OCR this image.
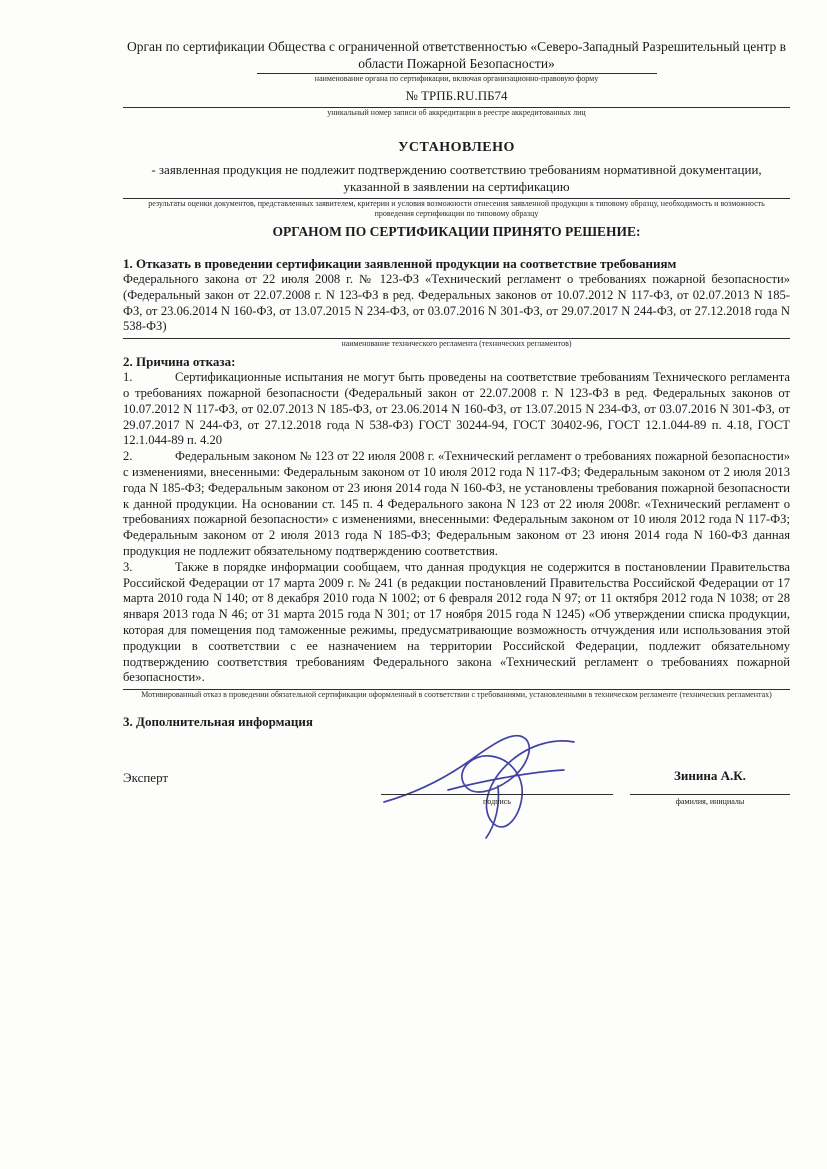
Орган по сертификации Общества с ограниченной ответственностью «Северо-Западный Разрешительный центр в области Пожарной Безопасности»
наименование органа по сертификации, включая организационно-правовую форму
№ ТРПБ.RU.ПБ74
уникальный номер записи об аккредитации в реестре аккредитованных лиц
УСТАНОВЛЕНО
- заявленная продукция не подлежит подтверждению соответствию требованиям нормативной документации, указанной в заявлении на сертификацию
результаты оценки документов, представленных заявителем, критерии и условия возможности отнесения заявленной продукции к типовому образцу, необходимость и возможность проведения сертификации по типовому образцу
ОРГАНОМ ПО СЕРТИФИКАЦИИ ПРИНЯТО РЕШЕНИЕ:
1. Отказать в проведении сертификации заявленной продукции на соответствие требованиям
Федерального закона от 22 июля 2008 г. № 123-ФЗ «Технический регламент о требованиях пожарной безопасности» (Федеральный закон от 22.07.2008 г. N 123-ФЗ в ред. Федеральных законов от 10.07.2012 N 117-ФЗ, от 02.07.2013 N 185-ФЗ, от 23.06.2014 N 160-ФЗ, от 13.07.2015 N 234-ФЗ, от 03.07.2016 N 301-ФЗ, от 29.07.2017 N 244-ФЗ, от 27.12.2018 года N 538-ФЗ)
наименование технического регламента (технических регламентов)
2. Причина отказа:

1.	Сертификационные испытания не могут быть проведены на соответствие требованиям Технического регламента о требованиях пожарной безопасности (Федеральный закон от 22.07.2008 г. N 123-ФЗ в ред. Федеральных законов от 10.07.2012 N 117-ФЗ, от 02.07.2013 N 185-ФЗ, от 23.06.2014 N 160-ФЗ, от 13.07.2015 N 234-ФЗ, от 03.07.2016 N 301-ФЗ, от 29.07.2017 N 244-ФЗ, от 27.12.2018 года N 538-ФЗ) ГОСТ 30244-94, ГОСТ 30402-96, ГОСТ 12.1.044-89 п. 4.18, ГОСТ 12.1.044-89 п. 4.20

2.	Федеральным законом № 123 от 22 июля 2008 г. «Технический регламент о требованиях пожарной безопасности» с изменениями, внесенными: Федеральным законом от 10 июля 2012 года N 117-ФЗ; Федеральным законом от 2 июля 2013 года N 185-ФЗ; Федеральным законом от 23 июня 2014 года N 160-ФЗ, не установлены требования пожарной безопасности к данной продукции. На основании ст. 145 п. 4 Федерального закона N 123 от 22 июля 2008г. «Технический регламент о требованиях пожарной безопасности» с изменениями, внесенными: Федеральным законом от 10 июля 2012 года N 117-ФЗ; Федеральным законом от 2 июля 2013 года N 185-ФЗ; Федеральным законом от 23 июня 2014 года N 160-ФЗ данная продукция не подлежит обязательному подтверждению соответствия.

3.	Также в порядке информации сообщаем, что данная продукция не содержится в постановлении Правительства Российской Федерации от 17 марта 2009 г. № 241 (в редакции постановлений Правительства Российской Федерации от 17 марта 2010 года N 140; от 8 декабря 2010 года N 1002; от 6 февраля 2012 года N 97; от 11 октября 2012 года N 1038; от 28 января 2013 года N 46; от 31 марта 2015 года N 301; от 17 ноября 2015 года N 1245) «Об утверждении списка продукции, которая для помещения под таможенные режимы, предусматривающие возможность отчуждения или использования этой продукции в соответствии с ее назначением на территории Российской Федерации, подлежит обязательному подтверждению соответствия требованиям Федерального закона «Технический регламент о требованиях пожарной безопасности».

Мотивированный отказ в проведении обязательной сертификации оформленный в соответствии с требованиями, установленными в техническом регламенте (технических регламентах)
3. Дополнительная информация
Эксперт
подпись
Зинина А.К.
фамилия, инициалы
